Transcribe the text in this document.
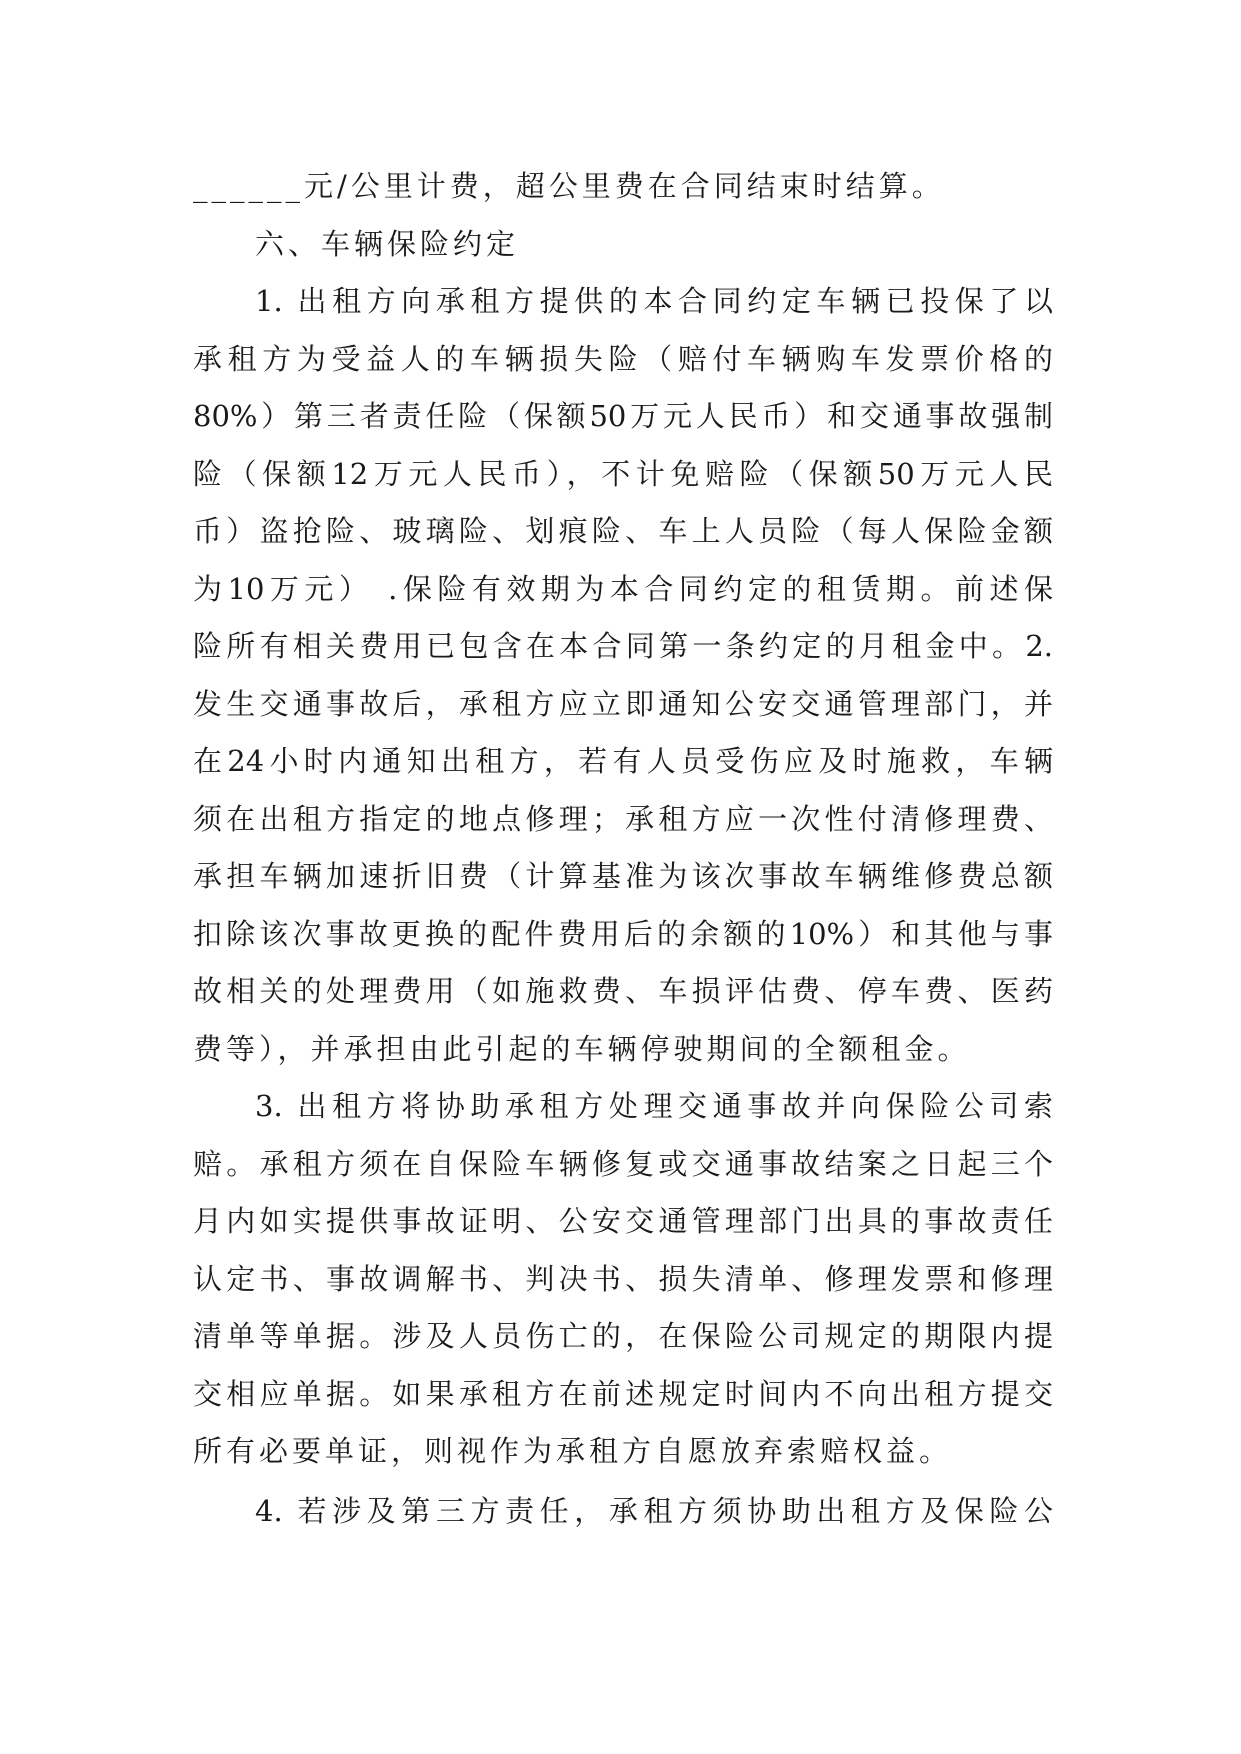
______元/公里计费，超公里费在合同结束时结算。
六、车辆保险约定
1. 出租方向承租方提供的本合同约定车辆已投保了以
承租方为受益人的车辆损失险（赔付车辆购车发票价格的
80%）第三者责任险（保额50万元人民币）和交通事故强制
险（保额12万元人民币），不计免赔险（保额50万元人民
币）盗抢险、玻璃险、划痕险、车上人员险（每人保险金额
为10万元） .保险有效期为本合同约定的租赁期。前述保
险所有相关费用已包含在本合同第一条约定的月租金中。2.
发生交通事故后，承租方应立即通知公安交通管理部门，并
在24小时内通知出租方，若有人员受伤应及时施救，车辆
须在出租方指定的地点修理；承租方应一次性付清修理费、
承担车辆加速折旧费（计算基准为该次事故车辆维修费总额
扣除该次事故更换的配件费用后的余额的10%）和其他与事
故相关的处理费用（如施救费、车损评估费、停车费、医药
费等），并承担由此引起的车辆停驶期间的全额租金。
3. 出租方将协助承租方处理交通事故并向保险公司索
赔。承租方须在自保险车辆修复或交通事故结案之日起三个
月内如实提供事故证明、公安交通管理部门出具的事故责任
认定书、事故调解书、判决书、损失清单、修理发票和修理
清单等单据。涉及人员伤亡的，在保险公司规定的期限内提
交相应单据。如果承租方在前述规定时间内不向出租方提交
所有必要单证，则视作为承租方自愿放弃索赔权益。
4. 若涉及第三方责任，承租方须协助出租方及保险公
